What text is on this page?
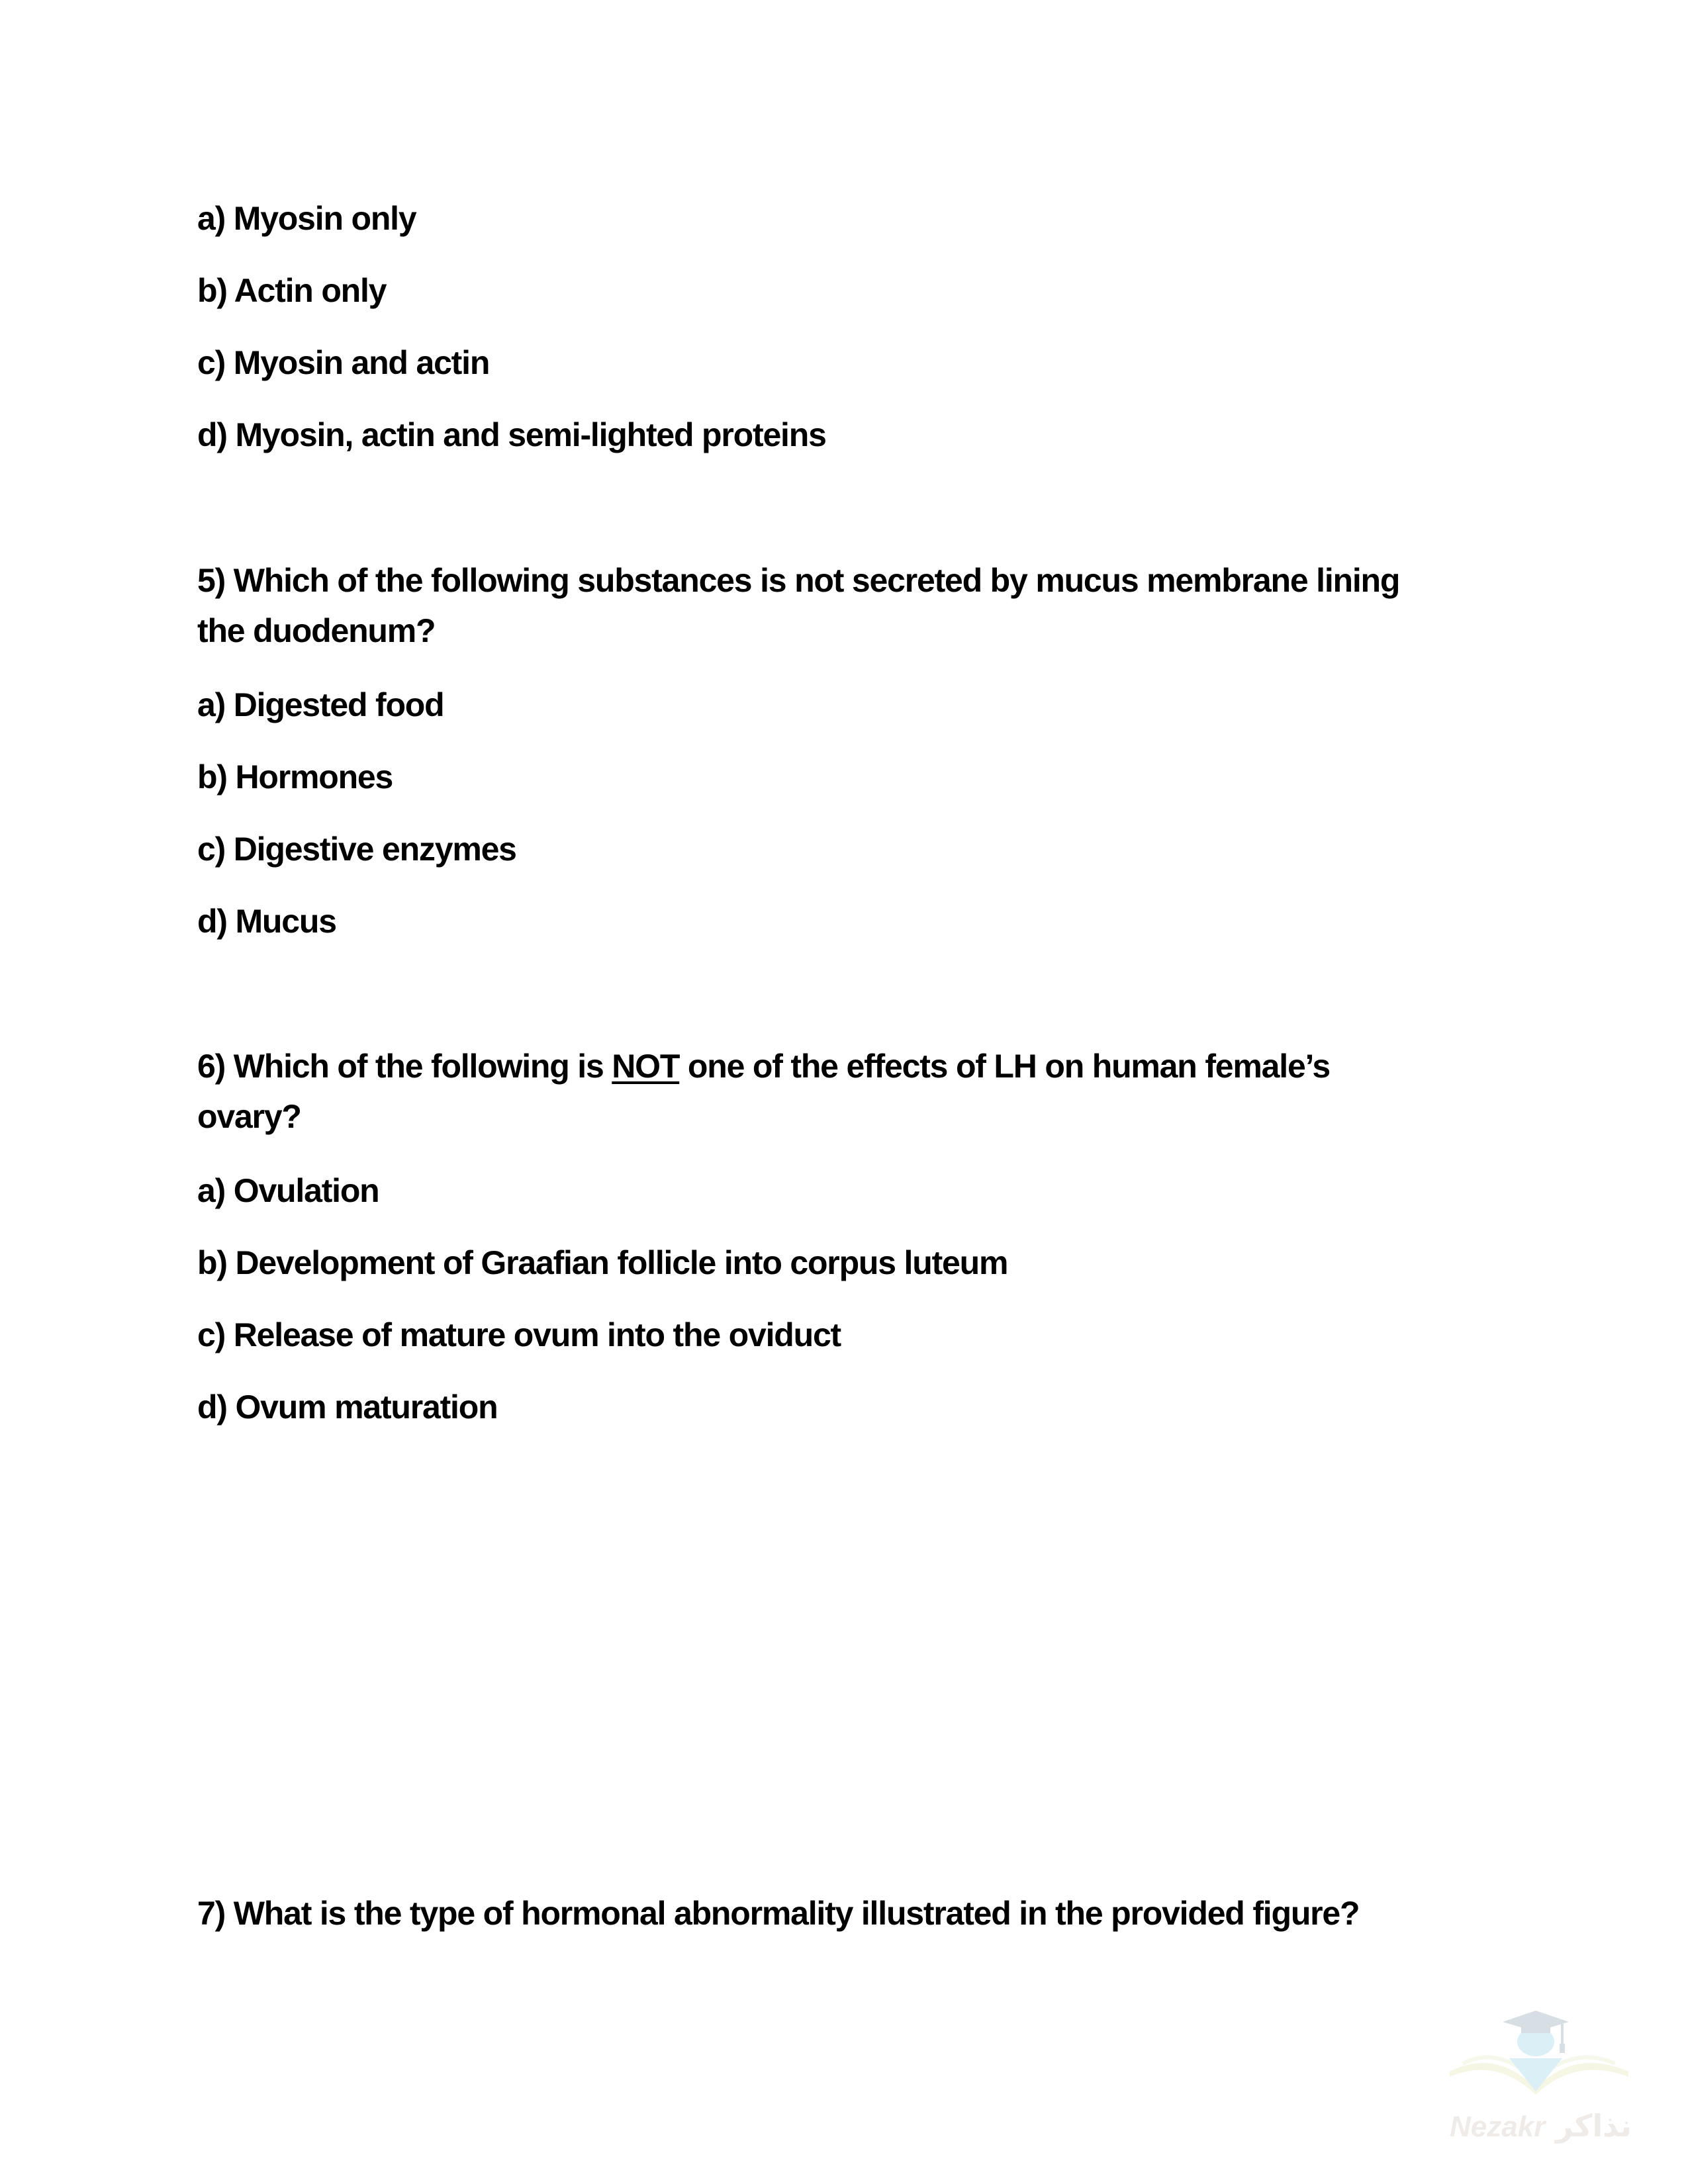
a) Myosin only
b) Actin only
c) Myosin and actin
d) Myosin, actin and semi-lighted proteins
5) Which of the following substances is not secreted by mucus membrane lining
the duodenum?
a) Digested food
b) Hormones
c) Digestive enzymes
d) Mucus
6) Which of the following is NOT one of the effects of LH on human female’s
ovary?
a) Ovulation
b) Development of Graafian follicle into corpus luteum
c) Release of mature ovum into the oviduct
d) Ovum maturation
7) What is the type of hormonal abnormality illustrated in the provided figure?
Nezakr نذاكر
